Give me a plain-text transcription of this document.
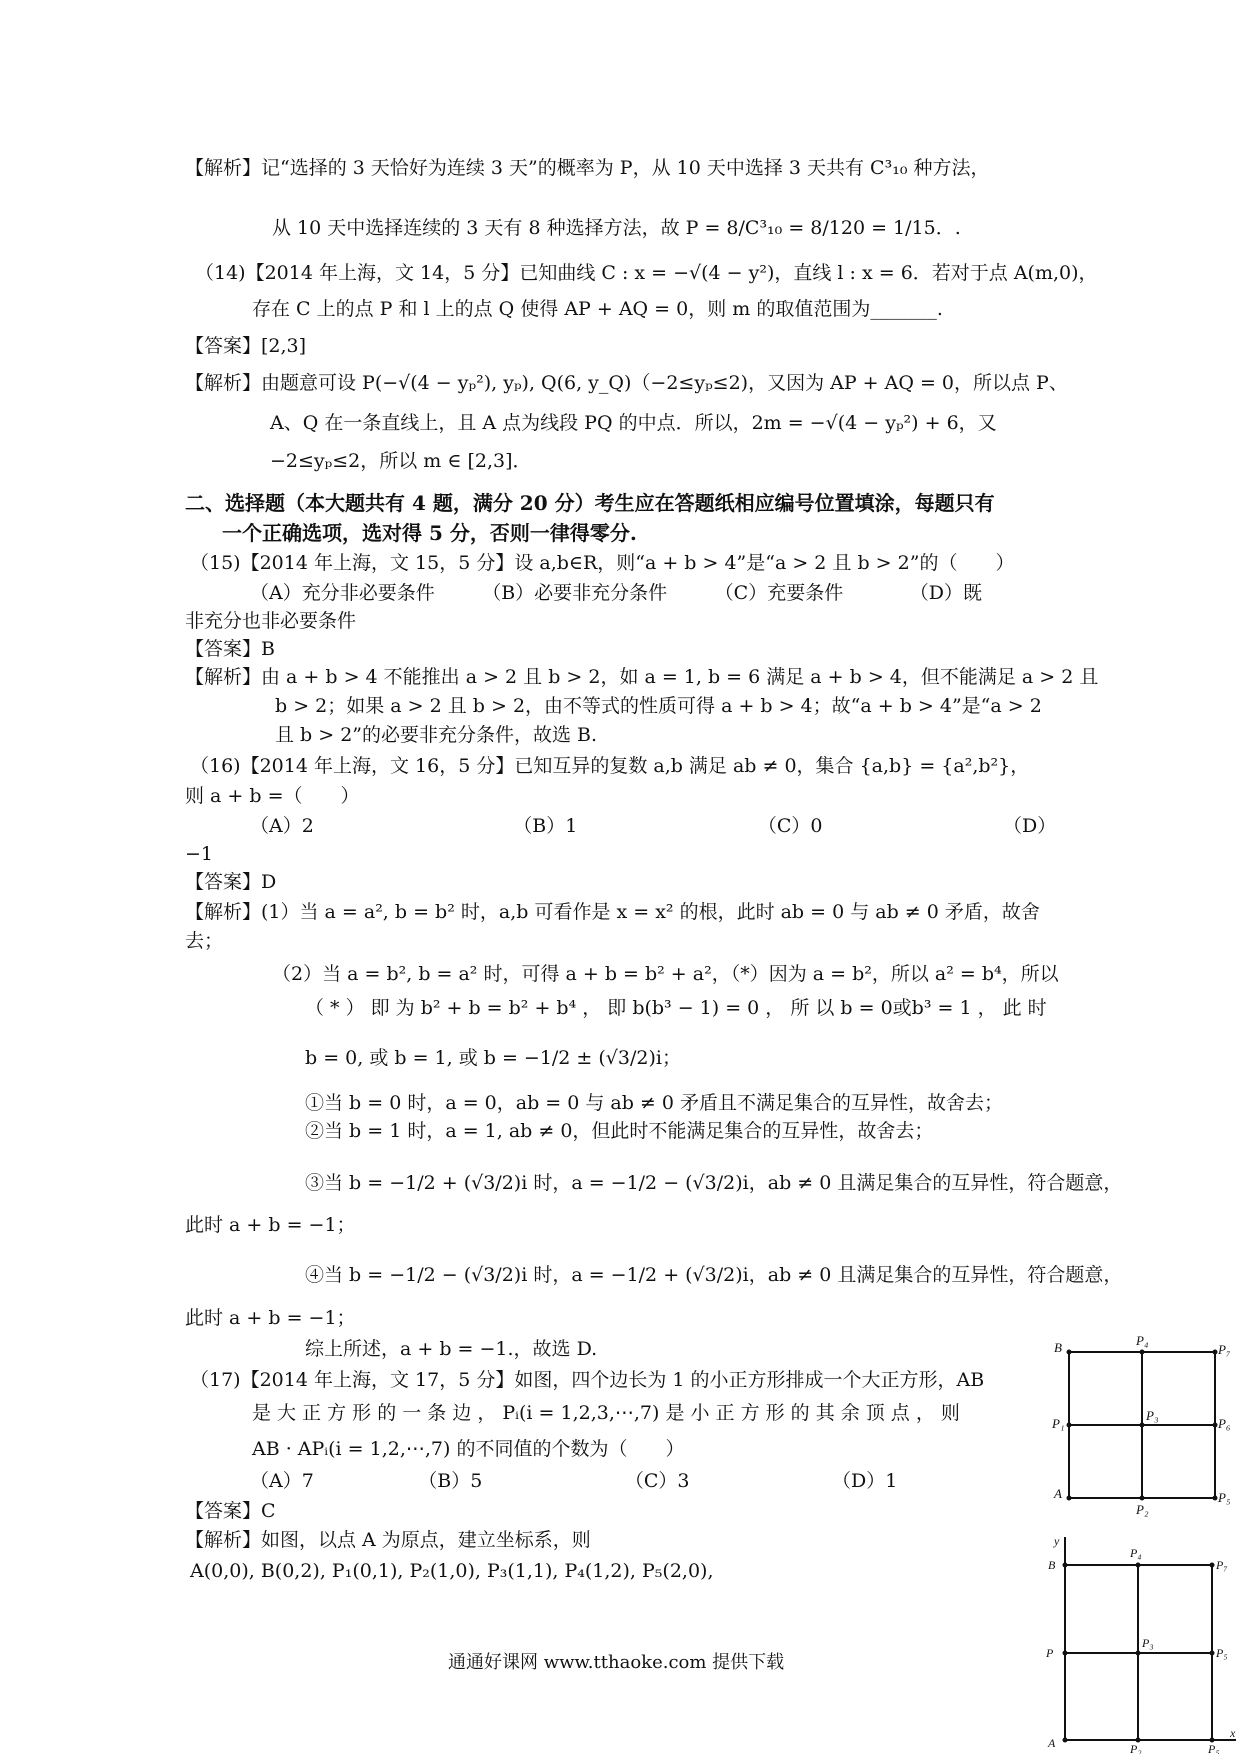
【解析】记“选择的 3 天恰好为连续 3 天”的概率为 P，从 10 天中选择 3 天共有 C³₁₀ 种方法，
从 10 天中选择连续的 3 天有 8 种选择方法，故 P = 8/C³₁₀ = 8/120 = 1/15．.
（14)【2014 年上海，文 14，5 分】已知曲线 C : x = −√(4 − y²)，直线 l : x = 6．若对于点 A(m,0)，
存在 C 上的点 P 和 l 上的点 Q 使得 AP + AQ = 0，则 m 的取值范围为_______.
【答案】[2,3]
【解析】由题意可设 P(−√(4 − yₚ²), yₚ), Q(6, y_Q)（−2≤yₚ≤2)，又因为 AP + AQ = 0，所以点 P、
A、Q 在一条直线上，且 A 点为线段 PQ 的中点．所以，2m = −√(4 − yₚ²) + 6，又
−2≤yₚ≤2，所以 m ∈ [2,3]．
二、选择题（本大题共有 4 题，满分 20 分）考生应在答题纸相应编号位置填涂，每题只有
一个正确选项，选对得 5 分，否则一律得零分.
（15)【2014 年上海，文 15，5 分】设 a,b∈R，则“a + b > 4”是“a > 2 且 b > 2”的（　　）
（A）充分非必要条件　　　（B）必要非充分条件　　　（C）充要条件　　　　（D）既
非充分也非必要条件
【答案】B
【解析】由 a + b > 4 不能推出 a > 2 且 b > 2，如 a = 1, b = 6 满足 a + b > 4，但不能满足 a > 2 且
b > 2；如果 a > 2 且 b > 2，由不等式的性质可得 a + b > 4；故“a + b > 4”是“a > 2
且 b > 2”的必要非充分条件，故选 B.
（16)【2014 年上海，文 16，5 分】已知互异的复数 a,b 满足 ab ≠ 0，集合 {a,b} = {a²,b²}，
则 a + b =（　　）
（A）2　　　　　　　　　　　（B）1　　　　　　　　　　（C）0　　　　　　　　　　（D）
−1
【答案】D
【解析】(1）当 a = a², b = b² 时，a,b 可看作是 x = x² 的根，此时 ab = 0 与 ab ≠ 0 矛盾，故舍
去；
（2）当 a = b², b = a² 时，可得 a + b = b² + a²，（*）因为 a = b²，所以 a² = b⁴，所以
（ * ） 即 为 b² + b = b² + b⁴ ， 即 b(b³ − 1) = 0 ， 所 以 b = 0或b³ = 1 ， 此 时
b = 0, 或 b = 1, 或 b = −1/2 ± (√3/2)i；
①当 b = 0 时，a = 0，ab = 0 与 ab ≠ 0 矛盾且不满足集合的互异性，故舍去；
②当 b = 1 时，a = 1, ab ≠ 0，但此时不能满足集合的互异性，故舍去；
③当 b = −1/2 + (√3/2)i 时，a = −1/2 − (√3/2)i，ab ≠ 0 且满足集合的互异性，符合题意，
此时 a + b = −1；
④当 b = −1/2 − (√3/2)i 时，a = −1/2 + (√3/2)i，ab ≠ 0 且满足集合的互异性，符合题意，
此时 a + b = −1；
综上所述，a + b = −1.，故选 D.
（17)【2014 年上海，文 17，5 分】如图，四个边长为 1 的小正方形排成一个大正方形，AB
是 大 正 方 形 的 一 条 边 ， Pᵢ(i = 1,2,3,⋯,7) 是 小 正 方 形 的 其 余 顶 点 ， 则
AB · APᵢ(i = 1,2,⋯,7) 的不同值的个数为（　　）
（A）7　　　　　　（B）5　　　　　　　　（C）3　　　　　　　　（D）1
【答案】C
【解析】如图，以点 A 为原点，建立坐标系，则
A(0,0), B(0,2), P₁(0,1), P₂(1,0), P₃(1,1), P₄(1,2), P₅(2,0),
通通好课网 www.tthaoke.com 提供下载
B	P₄
P₇
P₁
P₃
P₆
A
P₂
P₅
y
B
P₄
P₇
P
P₃
P₅
A	P₂	P₅
x
